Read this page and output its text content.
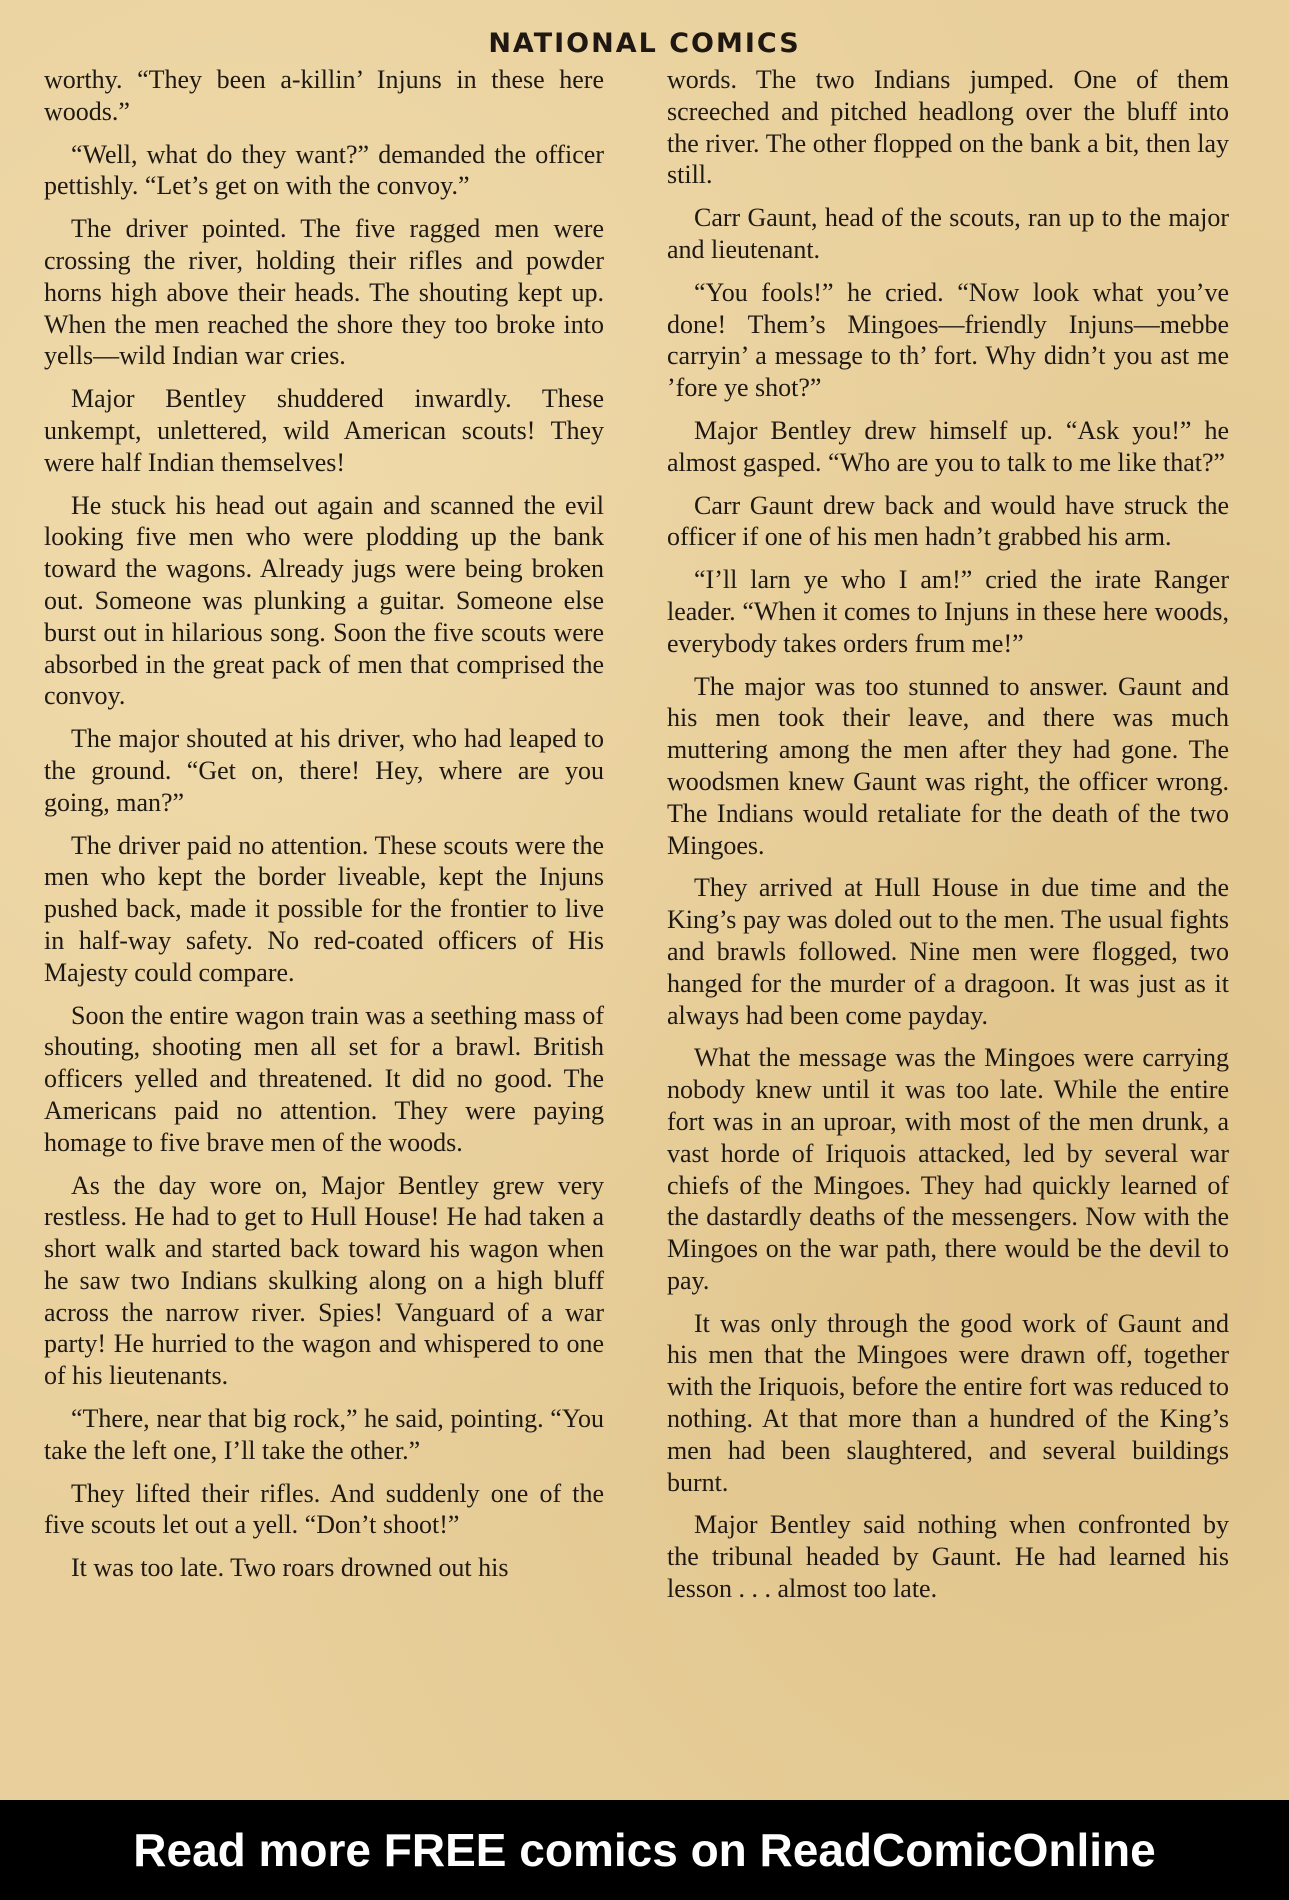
NATIONAL COMICS

worthy. “They been a-killin’ Injuns in these here woods.”

“Well, what do they want?” demanded the officer pettishly. “Let’s get on with the convoy.”

The driver pointed. The five ragged men were crossing the river, holding their rifles and powder horns high above their heads. The shouting kept up. When the men reached the shore they too broke into yells—wild Indian war cries.

Major Bentley shuddered inwardly. These unkempt, unlettered, wild American scouts! They were half Indian themselves!

He stuck his head out again and scanned the evil looking five men who were plodding up the bank toward the wagons. Already jugs were being broken out. Someone was plunking a guitar. Someone else burst out in hilarious song. Soon the five scouts were absorbed in the great pack of men that comprised the convoy.

The major shouted at his driver, who had leaped to the ground. “Get on, there! Hey, where are you going, man?”

The driver paid no attention. These scouts were the men who kept the border liveable, kept the Injuns pushed back, made it possible for the frontier to live in half-way safety. No red-coated officers of His Majesty could compare.

Soon the entire wagon train was a seething mass of shouting, shooting men all set for a brawl. British officers yelled and threatened. It did no good. The Americans paid no attention. They were paying homage to five brave men of the woods.

As the day wore on, Major Bentley grew very restless. He had to get to Hull House! He had taken a short walk and started back toward his wagon when he saw two Indians skulking along on a high bluff across the narrow river. Spies! Vanguard of a war party! He hurried to the wagon and whispered to one of his lieutenants.

“There, near that big rock,” he said, pointing. “You take the left one, I’ll take the other.”

They lifted their rifles. And suddenly one of the five scouts let out a yell. “Don’t shoot!”

It was too late. Two roars drowned out his

words. The two Indians jumped. One of them screeched and pitched headlong over the bluff into the river. The other flopped on the bank a bit, then lay still.

Carr Gaunt, head of the scouts, ran up to the major and lieutenant.

“You fools!” he cried. “Now look what you’ve done! Them’s Mingoes—friendly Injuns—mebbe carryin’ a message to th’ fort. Why didn’t you ast me ’fore ye shot?”

Major Bentley drew himself up. “Ask you!” he almost gasped. “Who are you to talk to me like that?”

Carr Gaunt drew back and would have struck the officer if one of his men hadn’t grabbed his arm.

“I’ll larn ye who I am!” cried the irate Ranger leader. “When it comes to Injuns in these here woods, everybody takes orders frum me!”

The major was too stunned to answer. Gaunt and his men took their leave, and there was much muttering among the men after they had gone. The woodsmen knew Gaunt was right, the officer wrong. The Indians would retaliate for the death of the two Mingoes.

They arrived at Hull House in due time and the King’s pay was doled out to the men. The usual fights and brawls followed. Nine men were flogged, two hanged for the murder of a dragoon. It was just as it always had been come payday.

What the message was the Mingoes were carrying nobody knew until it was too late. While the entire fort was in an uproar, with most of the men drunk, a vast horde of Iriquois attacked, led by several war chiefs of the Mingoes. They had quickly learned of the dastardly deaths of the messengers. Now with the Mingoes on the war path, there would be the devil to pay.

It was only through the good work of Gaunt and his men that the Mingoes were drawn off, together with the Iriquois, before the entire fort was reduced to nothing. At that more than a hundred of the King’s men had been slaughtered, and several buildings burnt.

Major Bentley said nothing when confronted by the tribunal headed by Gaunt. He had learned his lesson . . . almost too late.

Read more FREE comics on ReadComicOnline
